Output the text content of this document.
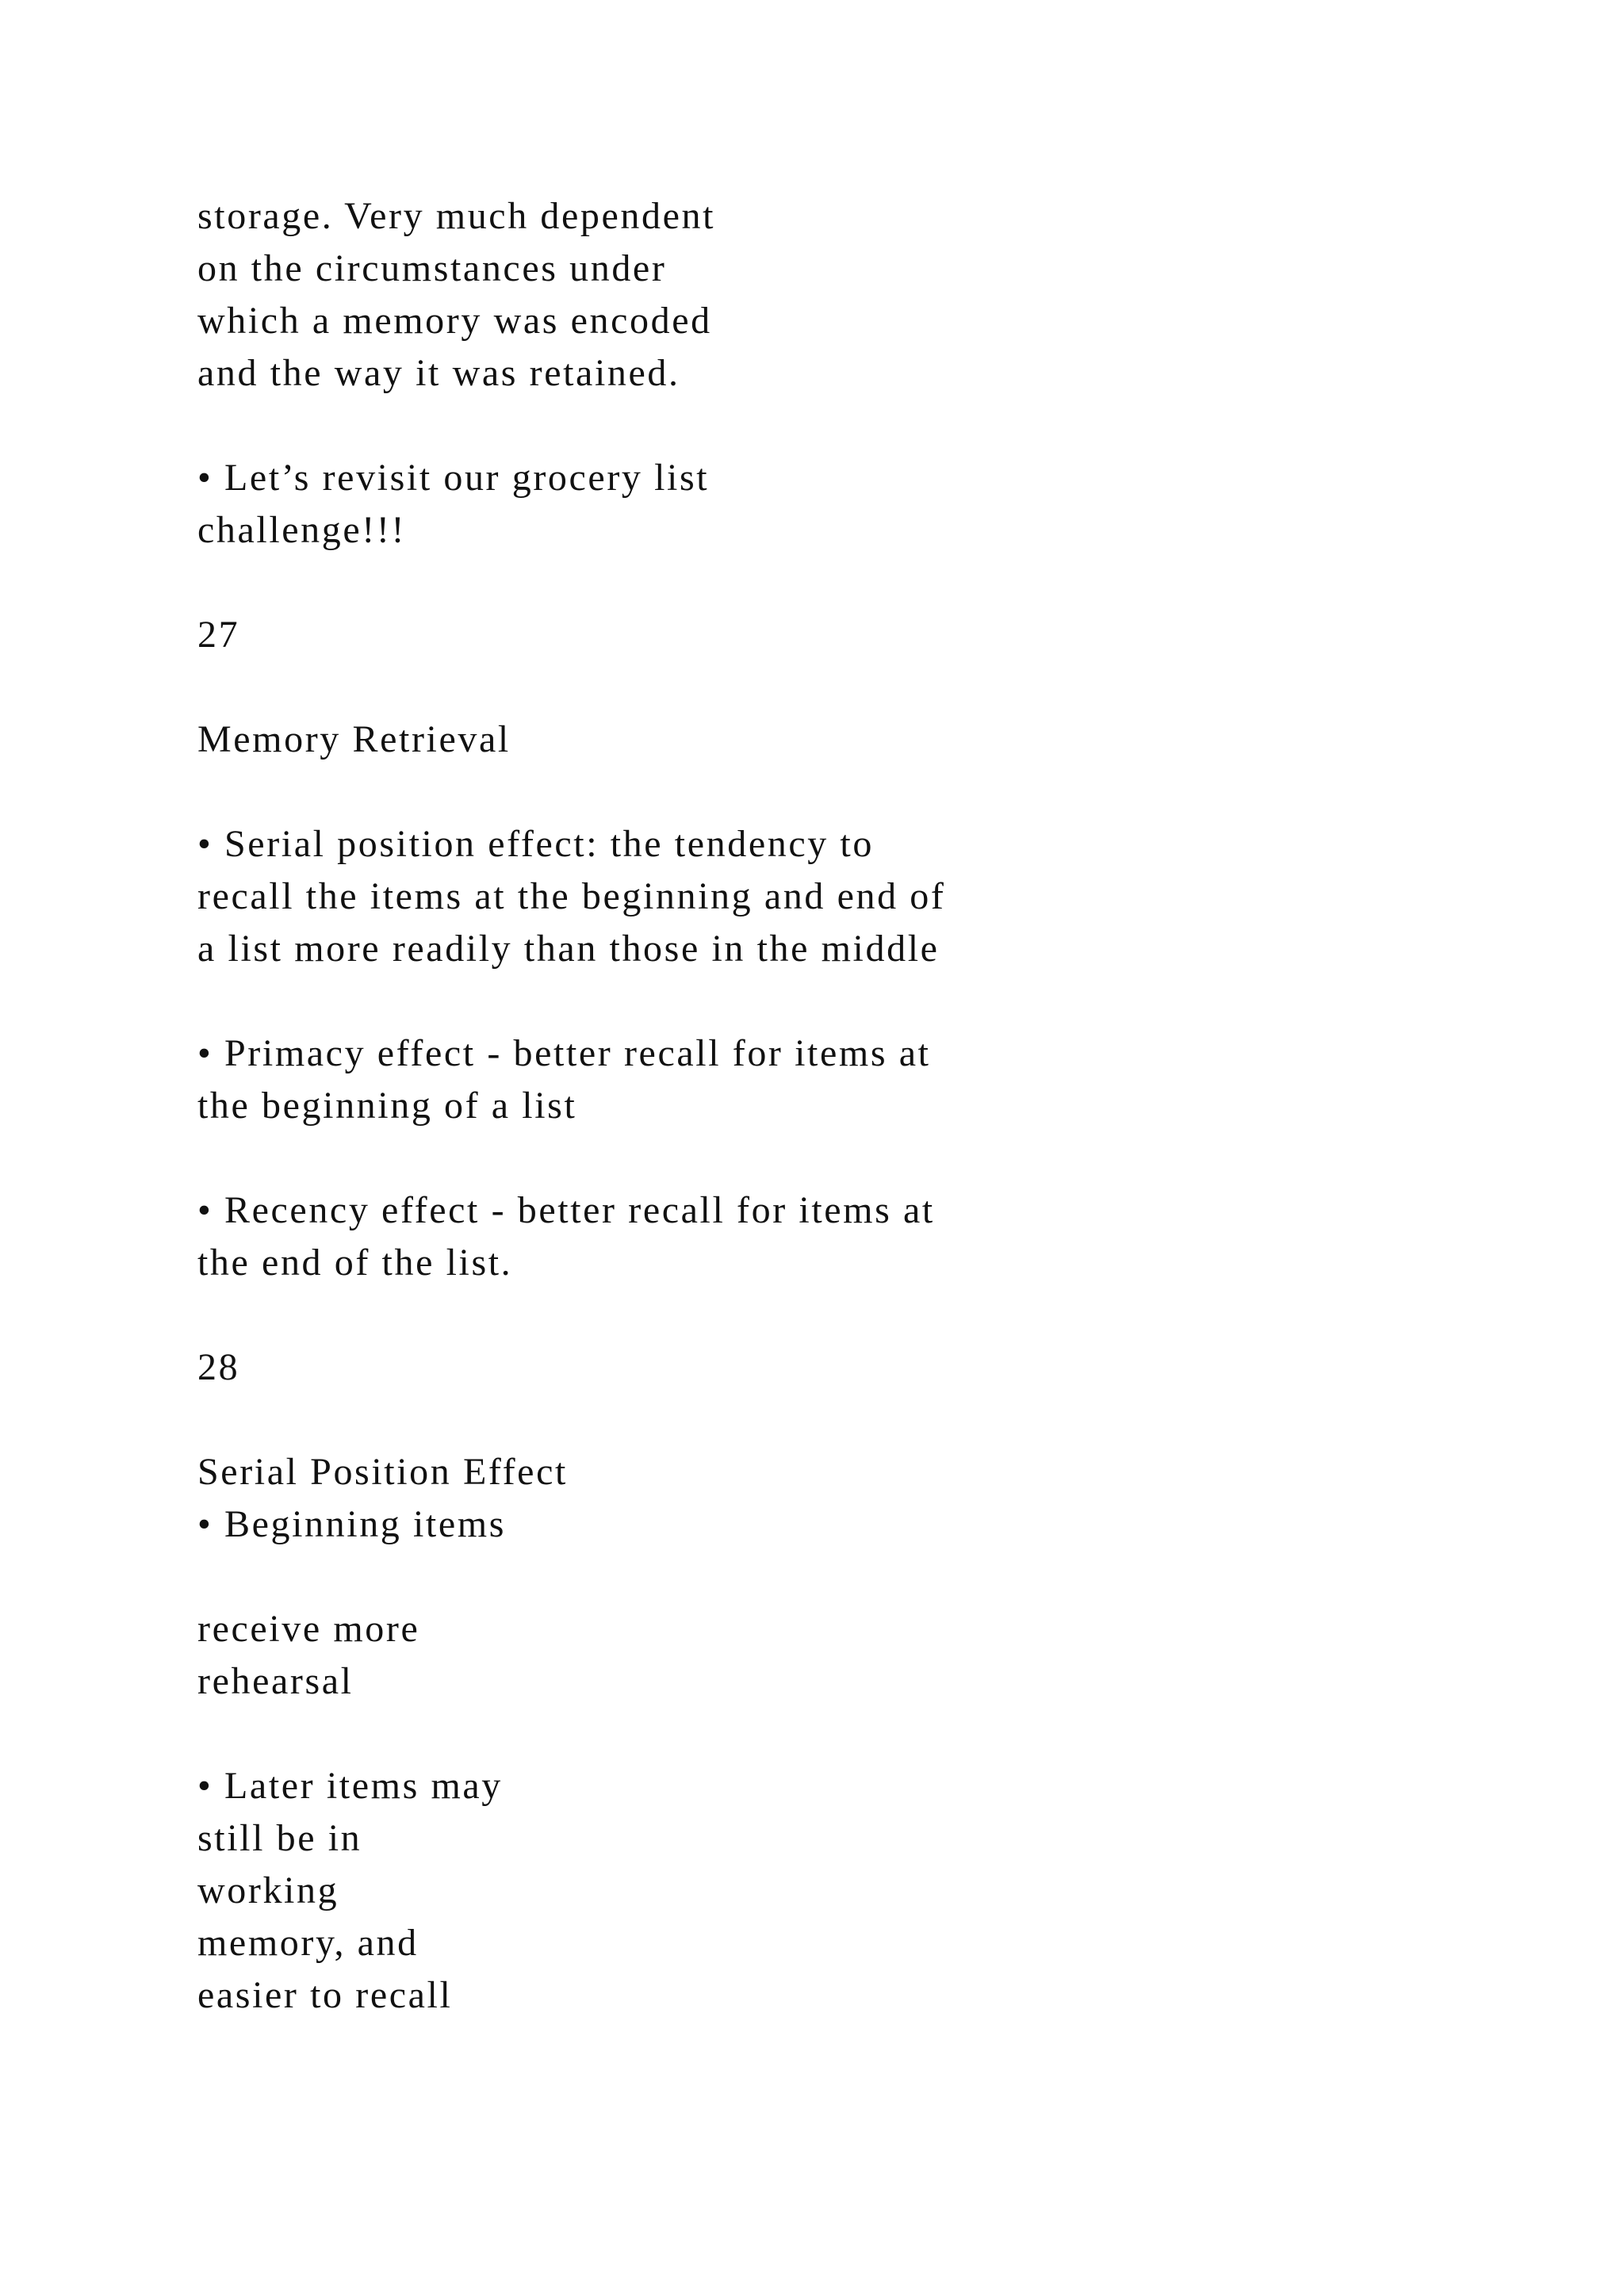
storage. Very much dependent
on the circumstances under
which a memory was encoded
and the way it was retained.
• Let’s revisit our grocery list
challenge!!!
27
Memory Retrieval
• Serial position effect: the tendency to
recall the items at the beginning and end of
a list more readily than those in the middle
• Primacy effect - better recall for items at
the beginning of a list
• Recency effect - better recall for items at
the end of the list.
28
Serial Position Effect
• Beginning items
receive more
rehearsal
• Later items may
still be in
working
memory, and
easier to recall
